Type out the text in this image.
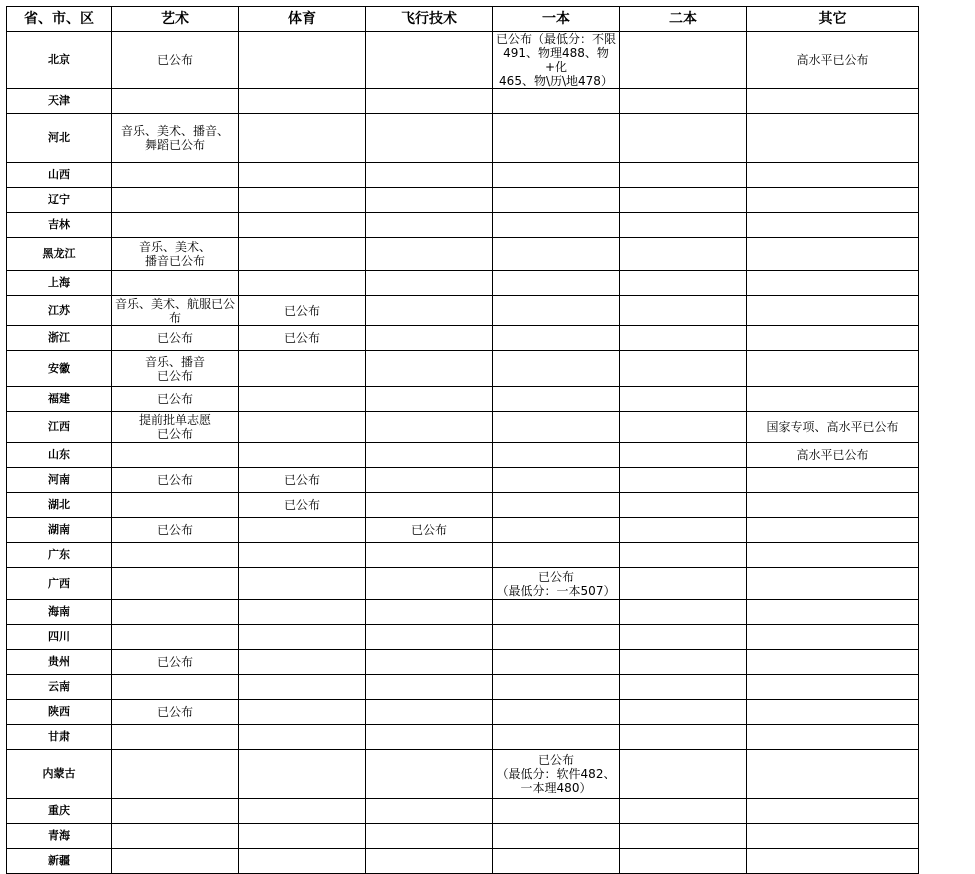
省、市、区	艺术	体育	飞行技术	一本	二本	其它
北京	已公布			已公布（最低分：不限491、物理488、物+化
465、物\历\地478）		高水平已公布
天津						
河北	音乐、美术、播音、
舞蹈已公布					

山西						
辽宁						
吉林						
黑龙江	音乐、美术、
播音已公布					

上海						
江苏	音乐、美术、航服已公
布	已公布				
浙江	已公布	已公布				
安徽	音乐、播音
已公布					

福建	已公布					
江西	提前批单志愿
已公布					国家专项、高水平已公布
山东						高水平已公布
河南	已公布	已公布				
湖北		已公布				
湖南	已公布		已公布			
广东						
广西				已公布
（最低分：一本507）		

海南						
四川						
贵州	已公布					
云南						
陕西	已公布					
甘肃						
内蒙古				已公布
（最低分：软件482、
一本理480）		

重庆						
青海						
新疆						
